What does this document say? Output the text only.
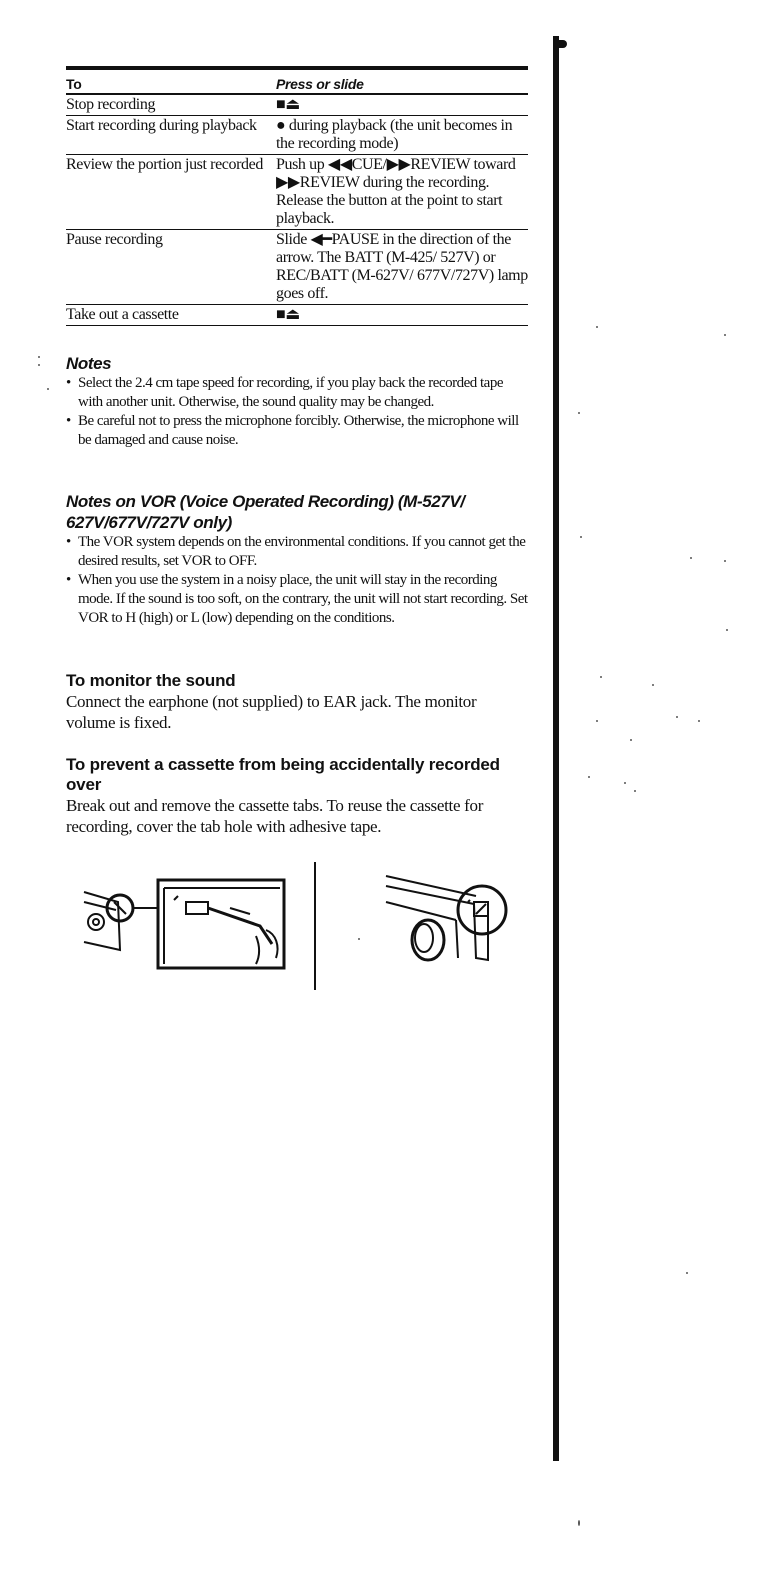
To	Press or slide
Stop recording	■⏏
Start recording during playback	● during playback (the unit becomes in the recording mode)
Review the portion just recorded	Push up ◀◀CUE/▶▶REVIEW toward ▶▶REVIEW during the recording. Release the button at the point to start playback.
Pause recording	Slide ◀━PAUSE in the direction of the arrow. The BATT (M-425/ 527V) or REC/BATT (M-627V/ 677V/727V) lamp goes off.
Take out a cassette	■⏏
Notes
• Select the 2.4 cm tape speed for recording, if you play back the recorded tape with another unit. Otherwise, the sound quality may be changed.
• Be careful not to press the microphone forcibly. Otherwise, the microphone will be damaged and cause noise.
Notes on VOR (Voice Operated Recording) (M-527V/ 627V/677V/727V only)
• The VOR system depends on the environmental conditions. If you cannot get the desired results, set VOR to OFF.
• When you use the system in a noisy place, the unit will stay in the recording mode. If the sound is too soft, on the contrary, the unit will not start recording. Set VOR to H (high) or L (low) depending on the conditions.
To monitor the sound

Connect the earphone (not supplied) to EAR jack. The monitor volume is fixed.

To prevent a cassette from being accidentally recorded over

Break out and remove the cassette tabs. To reuse the cassette for recording, cover the tab hole with adhesive tape.
